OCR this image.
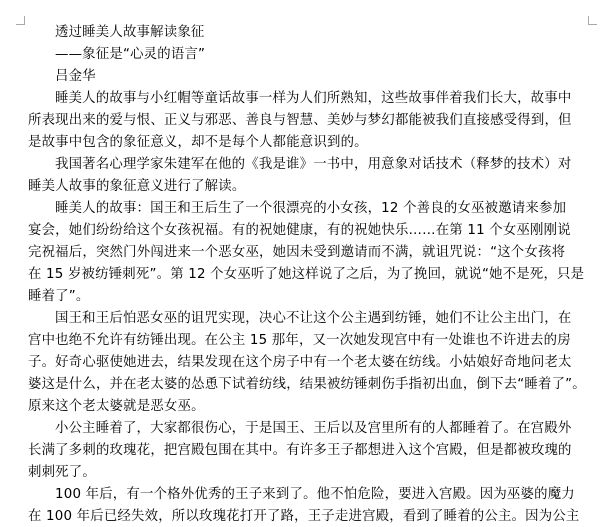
透过睡美人故事解读象征
——象征是“心灵的语言”
吕金华
睡美人的故事与小红帽等童话故事一样为人们所熟知，这些故事伴着我们长大，故事中
所表现出来的爱与恨、正义与邪恶、善良与智慧、美妙与梦幻都能被我们直接感受得到，但
是故事中包含的象征意义，却不是每个人都能意识到的。
我国著名心理学家朱建军在他的《我是谁》一书中，用意象对话技术（释梦的技术）对
睡美人故事的象征意义进行了解读。
睡美人的故事：国王和王后生了一个很漂亮的小女孩，12 个善良的女巫被邀请来参加
宴会，她们纷纷给这个女孩祝福。有的祝她健康，有的祝她快乐……在第 11 个女巫刚刚说
完祝福后，突然门外闯进来一个恶女巫，她因未受到邀请而不满，就诅咒说：“这个女孩将
在 15 岁被纺锤刺死”。第 12 个女巫听了她这样说了之后，为了挽回，就说“她不是死，只是
睡着了”。
国王和王后怕恶女巫的诅咒实现，决心不让这个公主遇到纺锤，她们不让公主出门，在
宫中也绝不允许有纺锤出现。在公主 15 那年，又一次她发现宫中有一处谁也不许进去的房
子。好奇心驱使她进去，结果发现在这个房子中有一个老太婆在纺线。小姑娘好奇地问老太
婆这是什么，并在老太婆的怂恿下试着纺线，结果被纺锤刺伤手指初出血，倒下去“睡着了”。
原来这个老太婆就是恶女巫。
小公主睡着了，大家都很伤心，于是国王、王后以及宫里所有的人都睡着了。在宫殿外
长满了多刺的玫瑰花，把宫殿包围在其中。有许多王子都想进入这个宫殿，但是都被玫瑰的
刺刺死了。
100 年后，有一个格外优秀的王子来到了。他不怕危险，要进入宫殿。因为巫婆的魔力
在 100 年后已经失效，所以玫瑰花打开了路，王子走进宫殿，看到了睡着的公主。因为公主
